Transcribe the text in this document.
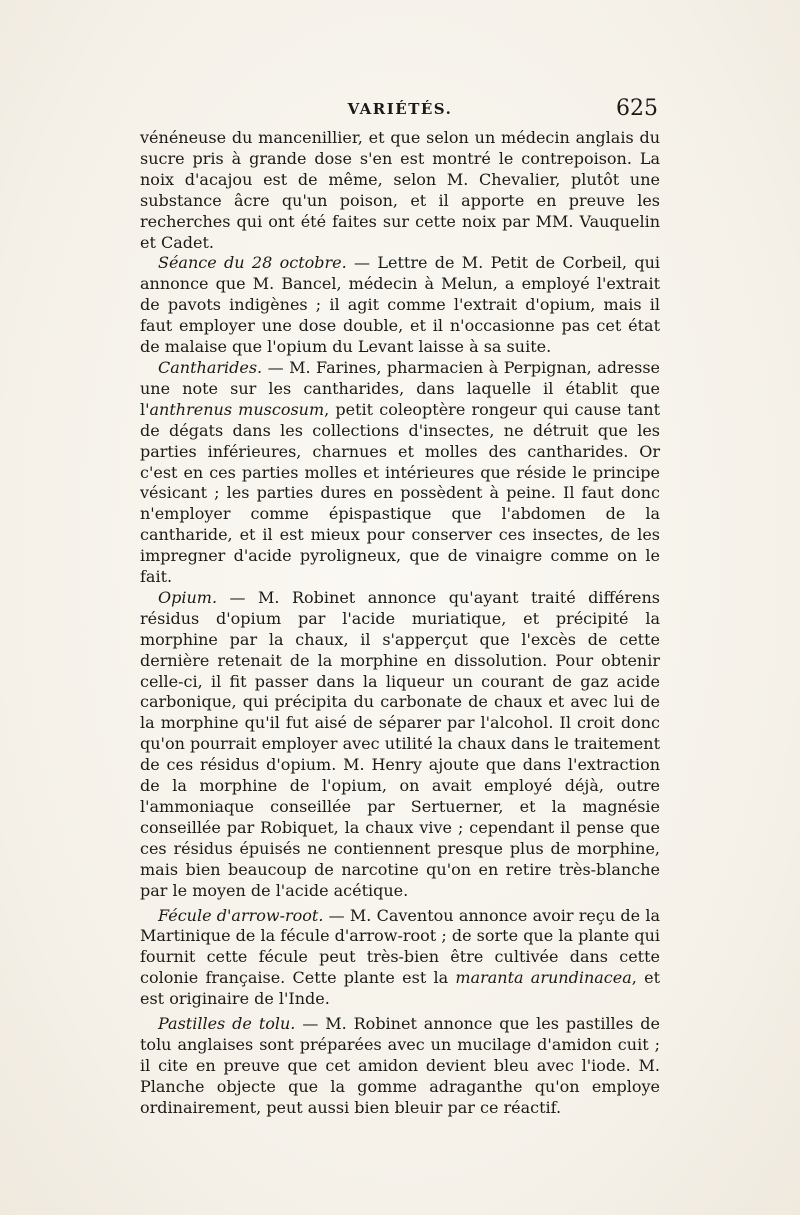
VARIÉTÉS.	625

vénéneuse du mancenillier, et que selon un médecin anglais du sucre pris à grande dose s'en est montré le contrepoison. La noix d'acajou est de même, selon M. Chevalier, plutôt une substance âcre qu'un poison, et il apporte en preuve les recherches qui ont été faites sur cette noix par MM. Vauquelin et Cadet.

Séance du 28 octobre. — Lettre de M. Petit de Corbeil, qui annonce que M. Bancel, médecin à Melun, a employé l'extrait de pavots indigènes ; il agit comme l'extrait d'opium, mais il faut employer une dose double, et il n'occasionne pas cet état de malaise que l'opium du Levant laisse à sa suite.

Cantharides. — M. Farines, pharmacien à Perpignan, adresse une note sur les cantharides, dans laquelle il établit que l'anthrenus muscosum, petit coleoptère rongeur qui cause tant de dégats dans les collections d'insectes, ne détruit que les parties inférieures, charnues et molles des cantharides. Or c'est en ces parties molles et intérieures que réside le principe vésicant ; les parties dures en possèdent à peine. Il faut donc n'employer comme épispastique que l'abdomen de la cantharide, et il est mieux pour conserver ces insectes, de les impregner d'acide pyroligneux, que de vinaigre comme on le fait.

Opium. — M. Robinet annonce qu'ayant traité différens résidus d'opium par l'acide muriatique, et précipité la morphine par la chaux, il s'apperçut que l'excès de cette dernière retenait de la morphine en dissolution. Pour obtenir celle-ci, il fit passer dans la liqueur un courant de gaz acide carbonique, qui précipita du carbonate de chaux et avec lui de la morphine qu'il fut aisé de séparer par l'alcohol. Il croit donc qu'on pourrait employer avec utilité la chaux dans le traitement de ces résidus d'opium. M. Henry ajoute que dans l'extraction de la morphine de l'opium, on avait employé déjà, outre l'ammoniaque conseillée par Sertuerner, et la magnésie conseillée par Robiquet, la chaux vive ; cependant il pense que ces résidus épuisés ne contiennent presque plus de morphine, mais bien beaucoup de narcotine qu'on en retire très-blanche par le moyen de l'acide acétique.

Fécule d'arrow-root. — M. Caventou annonce avoir reçu de la Martinique de la fécule d'arrow-root ; de sorte que la plante qui fournit cette fécule peut très-bien être cultivée dans cette colonie française. Cette plante est la maranta arundinacea, et est originaire de l'Inde.

Pastilles de tolu. — M. Robinet annonce que les pastilles de tolu anglaises sont préparées avec un mucilage d'amidon cuit ; il cite en preuve que cet amidon devient bleu avec l'iode. M. Planche objecte que la gomme adraganthe qu'on employe ordinairement, peut aussi bien bleuir par ce réactif.
